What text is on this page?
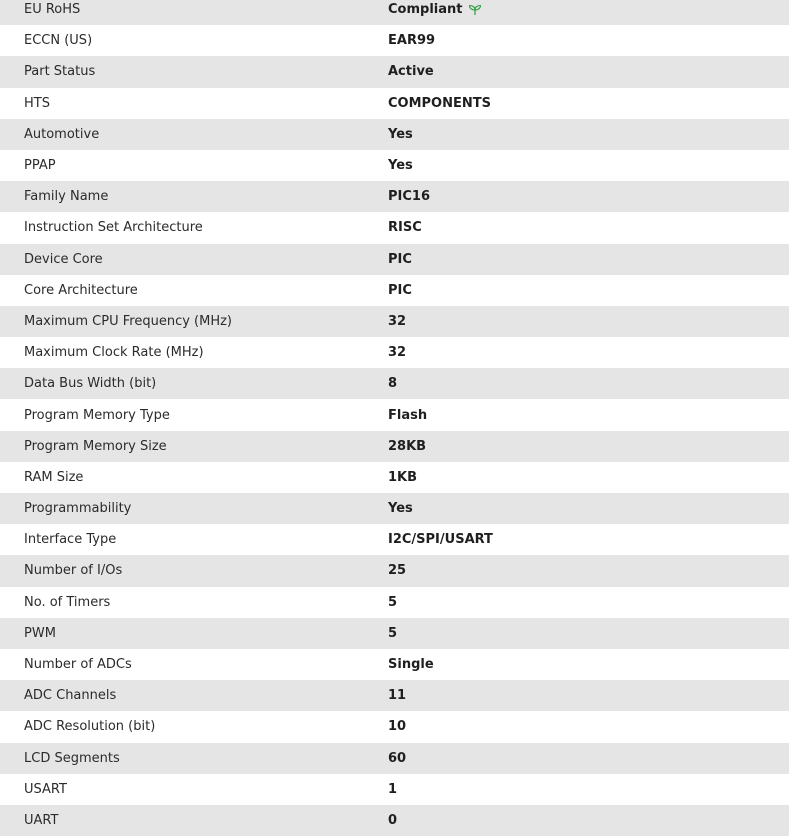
EU RoHS	Compliant
ECCN (US)	EAR99
Part Status	Active
HTS	COMPONENTS
Automotive	Yes
PPAP	Yes
Family Name	PIC16
Instruction Set Architecture	RISC
Device Core	PIC
Core Architecture	PIC
Maximum CPU Frequency (MHz)	32
Maximum Clock Rate (MHz)	32
Data Bus Width (bit)	8
Program Memory Type	Flash
Program Memory Size	28KB
RAM Size	1KB
Programmability	Yes
Interface Type	I2C/SPI/USART
Number of I/Os	25
No. of Timers	5
PWM	5
Number of ADCs	Single
ADC Channels	11
ADC Resolution (bit)	10
LCD Segments	60
USART	1
UART	0
